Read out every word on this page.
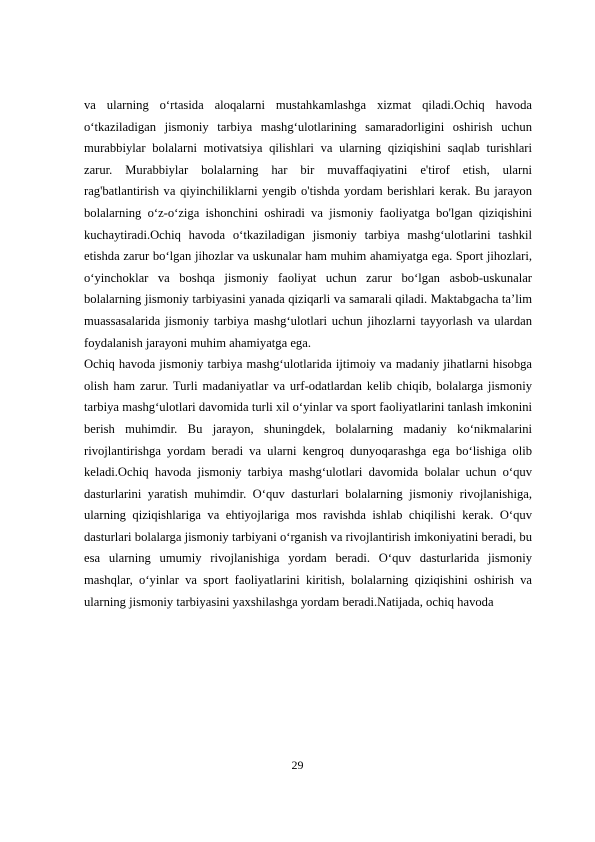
va ularning o‘rtasida aloqalarni mustahkamlashga xizmat qiladi.Ochiq havoda o‘tkaziladigan jismoniy tarbiya mashg‘ulotlarining samaradorligini oshirish uchun murabbiylar bolalarni motivatsiya qilishlari va ularning qiziqishini saqlab turishlari zarur. Murabbiylar bolalarning har bir muvaffaqiyatini e'tirof etish, ularni rag'batlantirish va qiyinchiliklarni yengib o'tishda yordam berishlari kerak. Bu jarayon bolalarning o‘z-o‘ziga ishonchini oshiradi va jismoniy faoliyatga bo'lgan qiziqishini kuchaytiradi.Ochiq havoda o‘tkaziladigan jismoniy tarbiya mashg‘ulotlarini tashkil etishda zarur bo‘lgan jihozlar va uskunalar ham muhim ahamiyatga ega. Sport jihozlari, o‘yinchoklar va boshqa jismoniy faoliyat uchun zarur bo‘lgan asbob-uskunalar bolalarning jismoniy tarbiyasini yanada qiziqarli va samarali qiladi. Maktabgacha ta’lim muassasalarida jismoniy tarbiya mashg‘ulotlari uchun jihozlarni tayyorlash va ulardan foydalanish jarayoni muhim ahamiyatga ega.

Ochiq havoda jismoniy tarbiya mashg‘ulotlarida ijtimoiy va madaniy jihatlarni hisobga olish ham zarur. Turli madaniyatlar va urf-odatlardan kelib chiqib, bolalarga jismoniy tarbiya mashg‘ulotlari davomida turli xil o‘yinlar va sport faoliyatlarini tanlash imkonini berish muhimdir. Bu jarayon, shuningdek, bolalarning madaniy ko‘nikmalarini rivojlantirishga yordam beradi va ularni kengroq dunyoqarashga ega bo‘lishiga olib keladi.Ochiq havoda jismoniy tarbiya mashg‘ulotlari davomida bolalar uchun o‘quv dasturlarini yaratish muhimdir. O‘quv dasturlari bolalarning jismoniy rivojlanishiga, ularning qiziqishlariga va ehtiyojlariga mos ravishda ishlab chiqilishi kerak. O‘quv dasturlari bolalarga jismoniy tarbiyani o‘rganish va rivojlantirish imkoniyatini beradi, bu esa ularning umumiy rivojlanishiga yordam beradi. O‘quv dasturlarida jismoniy mashqlar, o‘yinlar va sport faoliyatlarini kiritish, bolalarning qiziqishini oshirish va ularning jismoniy tarbiyasini yaxshilashga yordam beradi.Natijada, ochiq havoda

29
